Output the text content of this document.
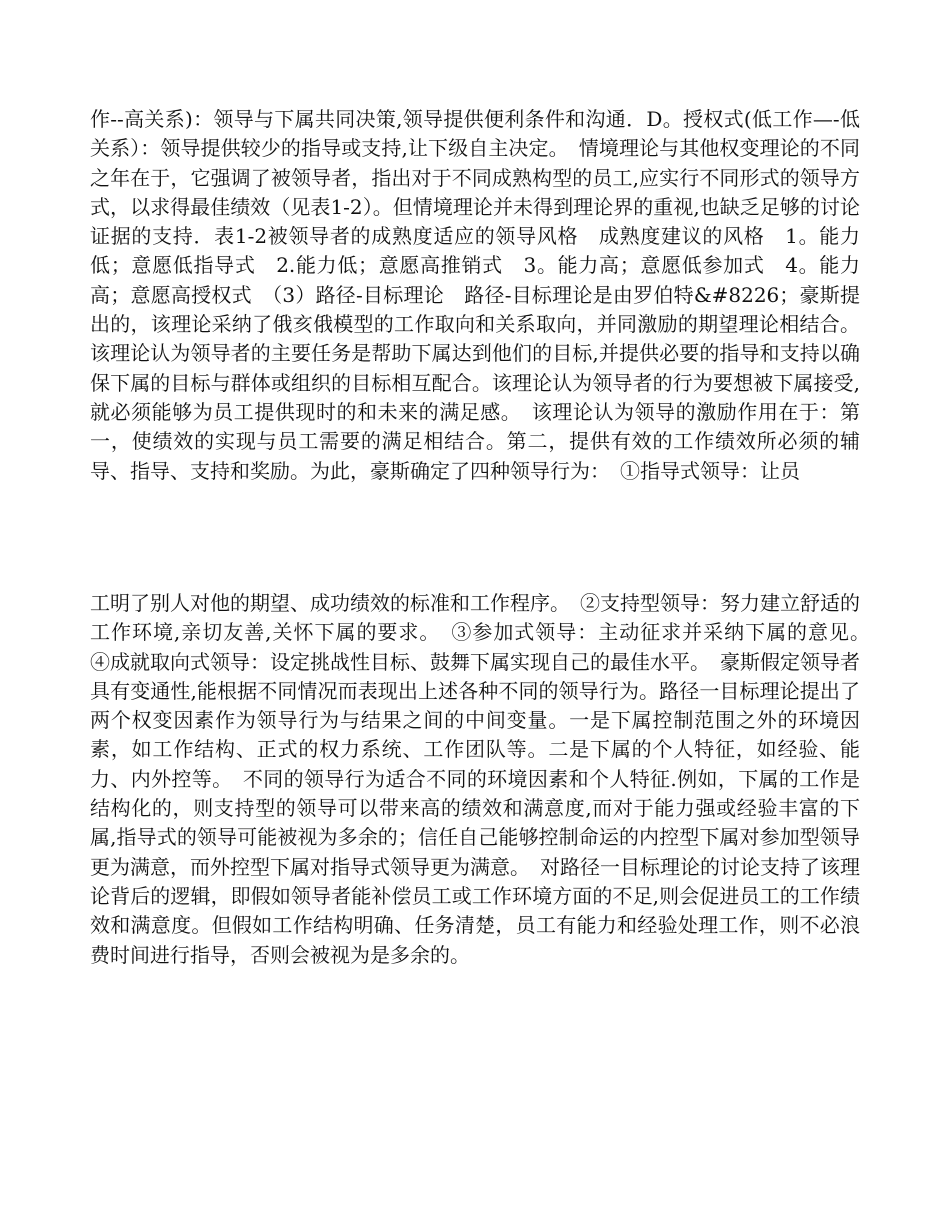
作--高关系)：领导与下属共同决策,领导提供便利条件和沟通．D。授权式(低工作—-低关系）：领导提供较少的指导或支持,让下级自主决定。　情境理论与其他权变理论的不同之年在于，它强调了被领导者，指出对于不同成熟构型的员工,应实行不同形式的领导方式，以求得最佳绩效（见表1-2）。但情境理论并未得到理论界的重视,也缺乏足够的讨论证据的支持．表1-2被领导者的成熟度适应的领导风格　成熟度建议的风格　1。能力低；意愿低指导式　2.能力低；意愿高推销式　3。能力高；意愿低参加式　4。能力高；意愿高授权式　（3）路径-目标理论　路径-目标理论是由罗伯特&#8226；豪斯提出的，该理论采纳了俄亥俄模型的工作取向和关系取向，并同激励的期望理论相结合。该理论认为领导者的主要任务是帮助下属达到他们的目标,并提供必要的指导和支持以确保下属的目标与群体或组织的目标相互配合。该理论认为领导者的行为要想被下属接受,就必须能够为员工提供现时的和未来的满足感。　该理论认为领导的激励作用在于：第一，使绩效的实现与员工需要的满足相结合。第二，提供有效的工作绩效所必须的辅导、指导、支持和奖励。为此，豪斯确定了四种领导行为：　①指导式领导：让员

工明了别人对他的期望、成功绩效的标准和工作程序。　②支持型领导：努力建立舒适的工作环境,亲切友善,关怀下属的要求。　③参加式领导：主动征求并采纳下属的意见。　④成就取向式领导：设定挑战性目标、鼓舞下属实现自己的最佳水平。　豪斯假定领导者具有变通性,能根据不同情况而表现出上述各种不同的领导行为。路径一目标理论提出了两个权变因素作为领导行为与结果之间的中间变量。一是下属控制范围之外的环境因素，如工作结构、正式的权力系统、工作团队等。二是下属的个人特征，如经验、能力、内外控等。　不同的领导行为适合不同的环境因素和个人特征.例如，下属的工作是结构化的，则支持型的领导可以带来高的绩效和满意度,而对于能力强或经验丰富的下属,指导式的领导可能被视为多余的；信任自己能够控制命运的内控型下属对参加型领导更为满意，而外控型下属对指导式领导更为满意。　对路径一目标理论的讨论支持了该理论背后的逻辑，即假如领导者能补偿员工或工作环境方面的不足,则会促进员工的工作绩效和满意度。但假如工作结构明确、任务清楚，员工有能力和经验处理工作，则不必浪费时间进行指导，否则会被视为是多余的。
